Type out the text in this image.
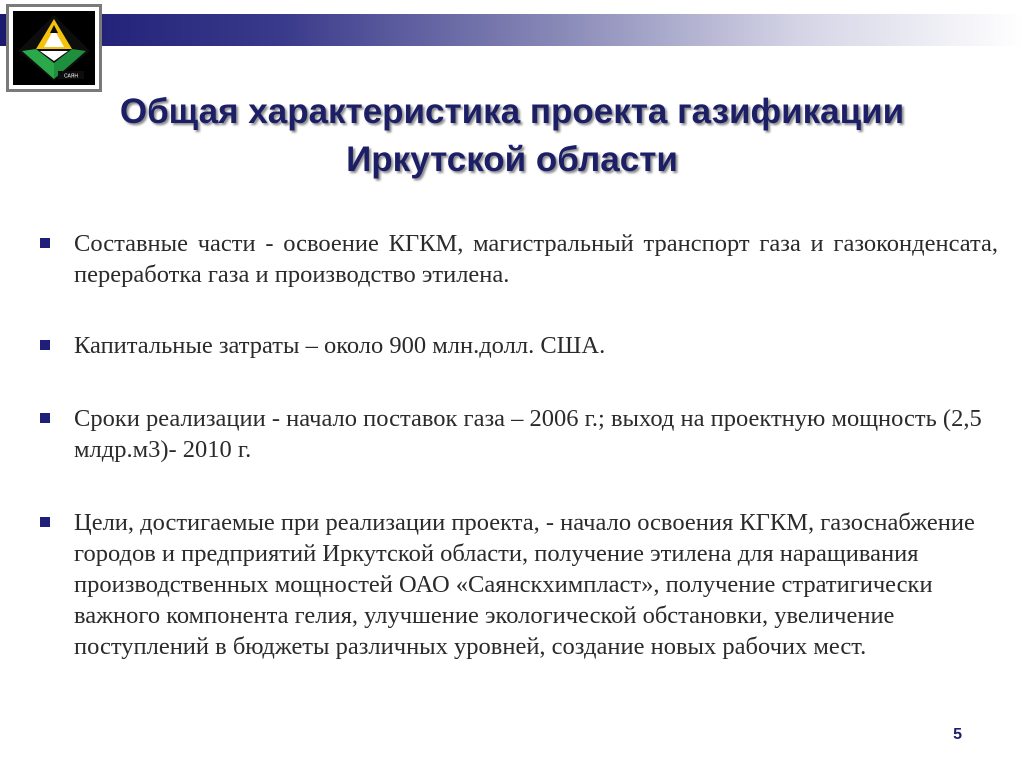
САЯН
Общая характеристика проекта газификации
Иркутской области
Составные части - освоение КГКМ, магистральный транспорт газа и газоконденсата, переработка газа и производство этилена.
Капитальные затраты – около 900 млн.долл. США.
Сроки реализации - начало поставок газа – 2006 г.; выход на проектную мощность (2,5 млдр.м3)- 2010 г.
Цели, достигаемые при реализации проекта, - начало освоения КГКМ, газоснабжение городов и предприятий Иркутской области, получение этилена для наращивания производственных мощностей ОАО «Саянскхимпласт», получение стратигически важного компонента гелия, улучшение экологической обстановки, увеличение поступлений в бюджеты различных уровней, создание новых рабочих мест.
5
